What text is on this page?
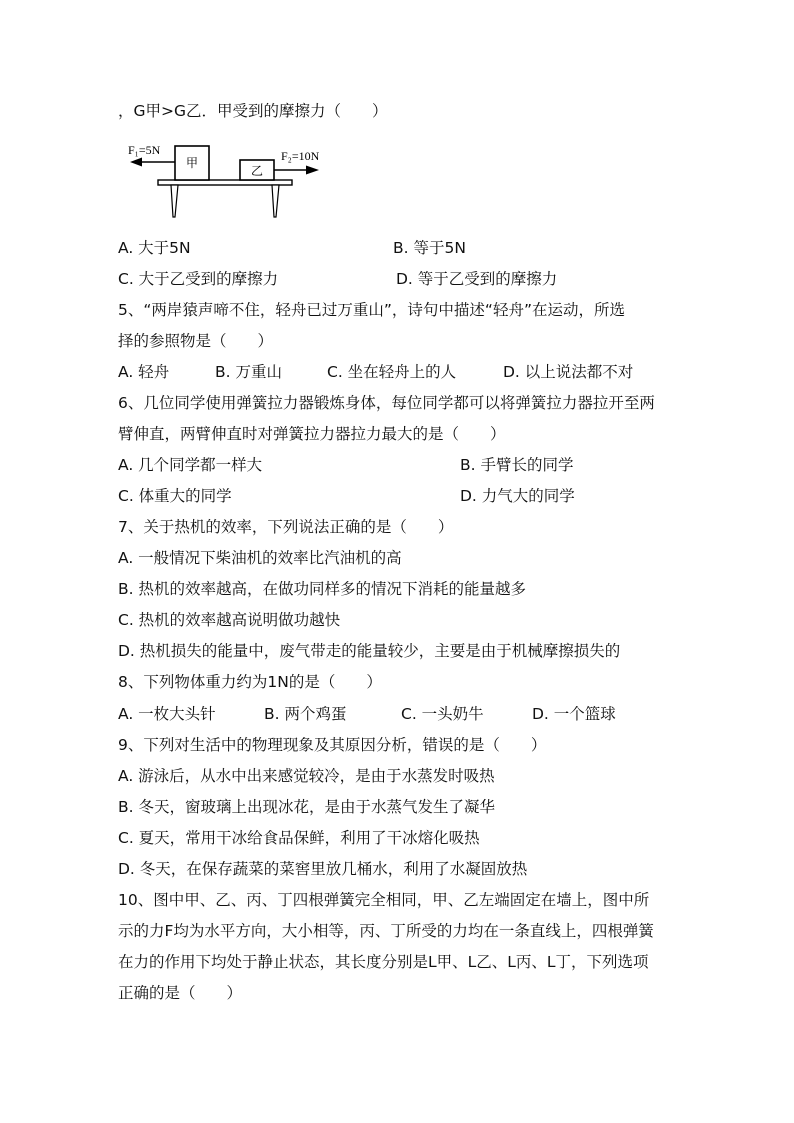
，G甲>G乙．甲受到的摩擦力（　　）
甲
乙
F₁=5N	F₂=10N
A. 大于5N	B. 等于5N
C. 大于乙受到的摩擦力	D. 等于乙受到的摩擦力
5、“两岸猿声啼不住，轻舟已过万重山”，诗句中描述“轻舟”在运动，所选
择的参照物是（　　）
A. 轻舟	B. 万重山	C. 坐在轻舟上的人	D. 以上说法都不对
6、几位同学使用弹簧拉力器锻炼身体，每位同学都可以将弹簧拉力器拉开至两
臂伸直，两臂伸直时对弹簧拉力器拉力最大的是（　　）
A. 几个同学都一样大	B. 手臂长的同学
C. 体重大的同学	D. 力气大的同学
7、关于热机的效率，下列说法正确的是（　　）
A. 一般情况下柴油机的效率比汽油机的高
B. 热机的效率越高，在做功同样多的情况下消耗的能量越多
C. 热机的效率越高说明做功越快
D. 热机损失的能量中，废气带走的能量较少，主要是由于机械摩擦损失的
8、下列物体重力约为1N的是（　　）
A. 一枚大头针	B. 两个鸡蛋	C. 一头奶牛	D. 一个篮球
9、下列对生活中的物理现象及其原因分析，错误的是（　　）
A. 游泳后，从水中出来感觉较冷，是由于水蒸发时吸热
B. 冬天，窗玻璃上出现冰花，是由于水蒸气发生了凝华
C. 夏天，常用干冰给食品保鲜，利用了干冰熔化吸热
D. 冬天，在保存蔬菜的菜窖里放几桶水，利用了水凝固放热
10、图中甲、乙、丙、丁四根弹簧完全相同，甲、乙左端固定在墙上，图中所
示的力F均为水平方向，大小相等，丙、丁所受的力均在一条直线上，四根弹簧
在力的作用下均处于静止状态，其长度分别是L甲、L乙、L丙、L丁，下列选项
正确的是（　　）
